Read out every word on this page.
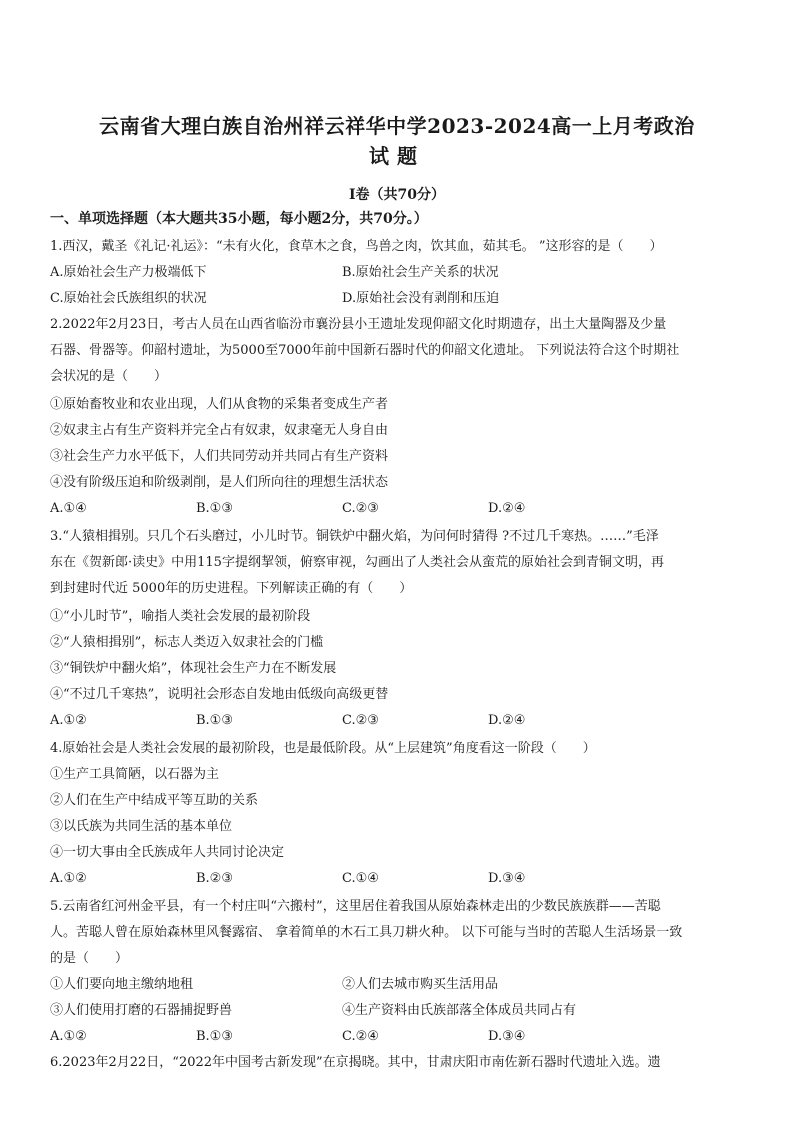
云南省大理白族自治州祥云祥华中学2023-2024高一上月考政治
试题
I卷（共70分）
一、单项选择题（本大题共35小题，每小题2分，共70分。）
1.西汉，戴圣《礼记·礼运》：“未有火化，食草木之食，鸟兽之肉，饮其血，茹其毛。 ”这形容的是（　　）
A.原始社会生产力极端低下	B.原始社会生产关系的状况
C.原始社会氏族组织的状况	D.原始社会没有剥削和压迫
2.2022年2月23日，考古人员在山西省临汾市襄汾县小王遗址发现仰韶文化时期遗存，出土大量陶器及少量
石器、骨器等。仰韶村遗址，为5000至7000年前中国新石器时代的仰韶文化遗址。 下列说法符合这个时期社
会状况的是（　　）
①原始畜牧业和农业出现，人们从食物的采集者变成生产者
②奴隶主占有生产资料并完全占有奴隶，奴隶毫无人身自由
③社会生产力水平低下，人们共同劳动并共同占有生产资料
④没有阶级压迫和阶级剥削，是人们所向往的理想生活状态
A.①④	B.①③	C.②③	D.②④
3.“人猿相揖别。只几个石头磨过，小儿时节。铜铁炉中翻火焰，为问何时猜得 ?不过几千寒热。……”毛泽
东在《贺新郎·读史》中用115字提纲挈领，俯察审视，勾画出了人类社会从蛮荒的原始社会到青铜文明，再
到封建时代近 5000年的历史进程。下列解读正确的有（　　）
①“小儿时节”，喻指人类社会发展的最初阶段
②“人猿相揖别”，标志人类迈入奴隶社会的门槛
③“铜铁炉中翻火焰”，体现社会生产力在不断发展
④“不过几千寒热”，说明社会形态自发地由低级向高级更替
A.①②	B.①③	C.②③	D.②④
4.原始社会是人类社会发展的最初阶段，也是最低阶段。从“上层建筑”角度看这一阶段（　　）
①生产工具简陋，以石器为主
②人们在生产中结成平等互助的关系
③以氏族为共同生活的基本单位
④一切大事由全氏族成年人共同讨论决定
A.①②	B.②③	C.①④	D.③④
5.云南省红河州金平县，有一个村庄叫“六搬村”，这里居住着我国从原始森林走出的少数民族族群——苦聪
人。苦聪人曾在原始森林里风餐露宿、 拿着简单的木石工具刀耕火种。 以下可能与当时的苦聪人生活场景一致
的是（　　）
①人们要向地主缴纳地租	②人们去城市购买生活用品
③人们使用打磨的石器捕捉野兽	④生产资料由氏族部落全体成员共同占有
A.①②	B.①③	C.②④	D.③④
6.2023年2月22日，“2022年中国考古新发现”在京揭晓。其中，甘肃庆阳市南佐新石器时代遗址入选。遗
